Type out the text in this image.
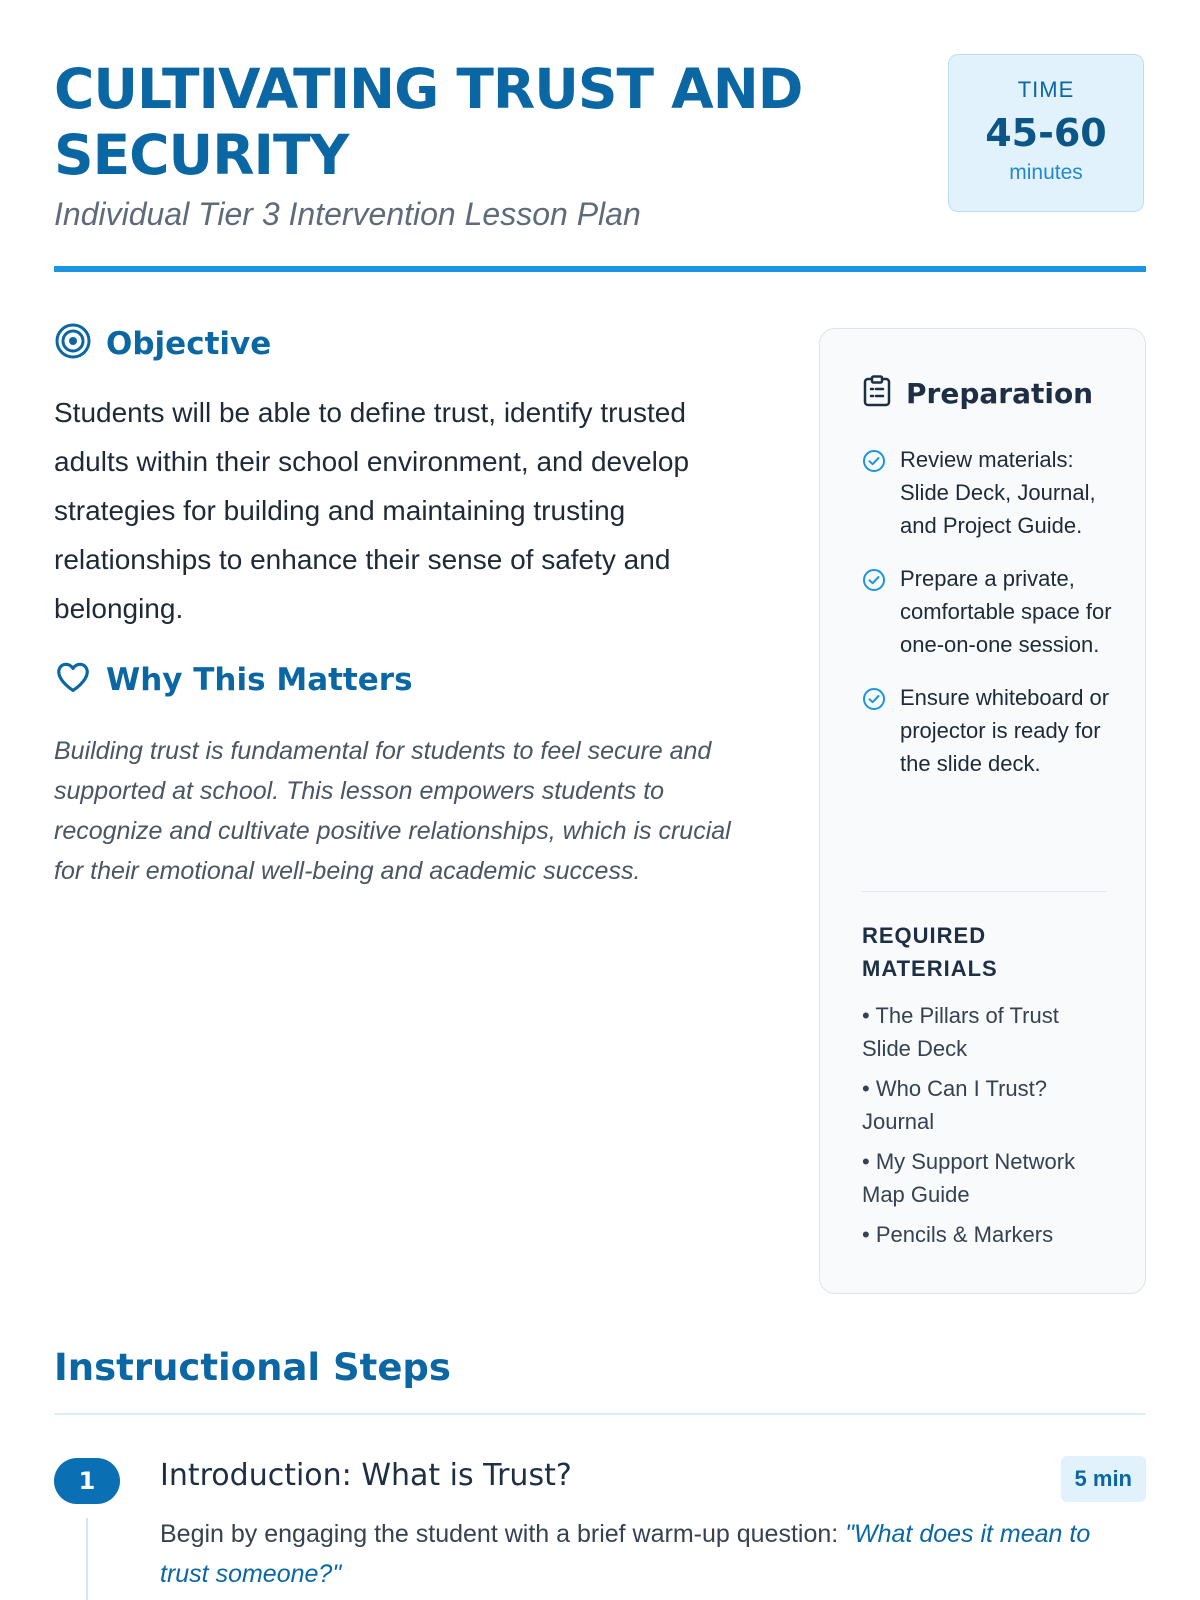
CULTIVATING TRUST AND SECURITY

Individual Tier 3 Intervention Lesson Plan

TIME
45-60
minutes
Objective

Students will be able to define trust, identify trusted adults within their school environment, and develop strategies for building and maintaining trusting relationships to enhance their sense of safety and belonging.

Why This Matters

Building trust is fundamental for students to feel secure and supported at school. This lesson empowers students to recognize and cultivate positive relationships, which is crucial for their emotional well-being and academic success.

Preparation
Review materials: Slide Deck, Journal, and Project Guide.
Prepare a private, comfortable space for one-on-one session.
Ensure whiteboard or projector is ready for the slide deck.

REQUIRED MATERIALS

• The Pillars of Trust Slide Deck
• Who Can I Trust? Journal
• My Support Network Map Guide
• Pencils & Markers
Instructional Steps
1	Introduction: What is Trust?	5 min

Begin by engaging the student with a brief warm-up question: "What does it mean to trust someone?"
